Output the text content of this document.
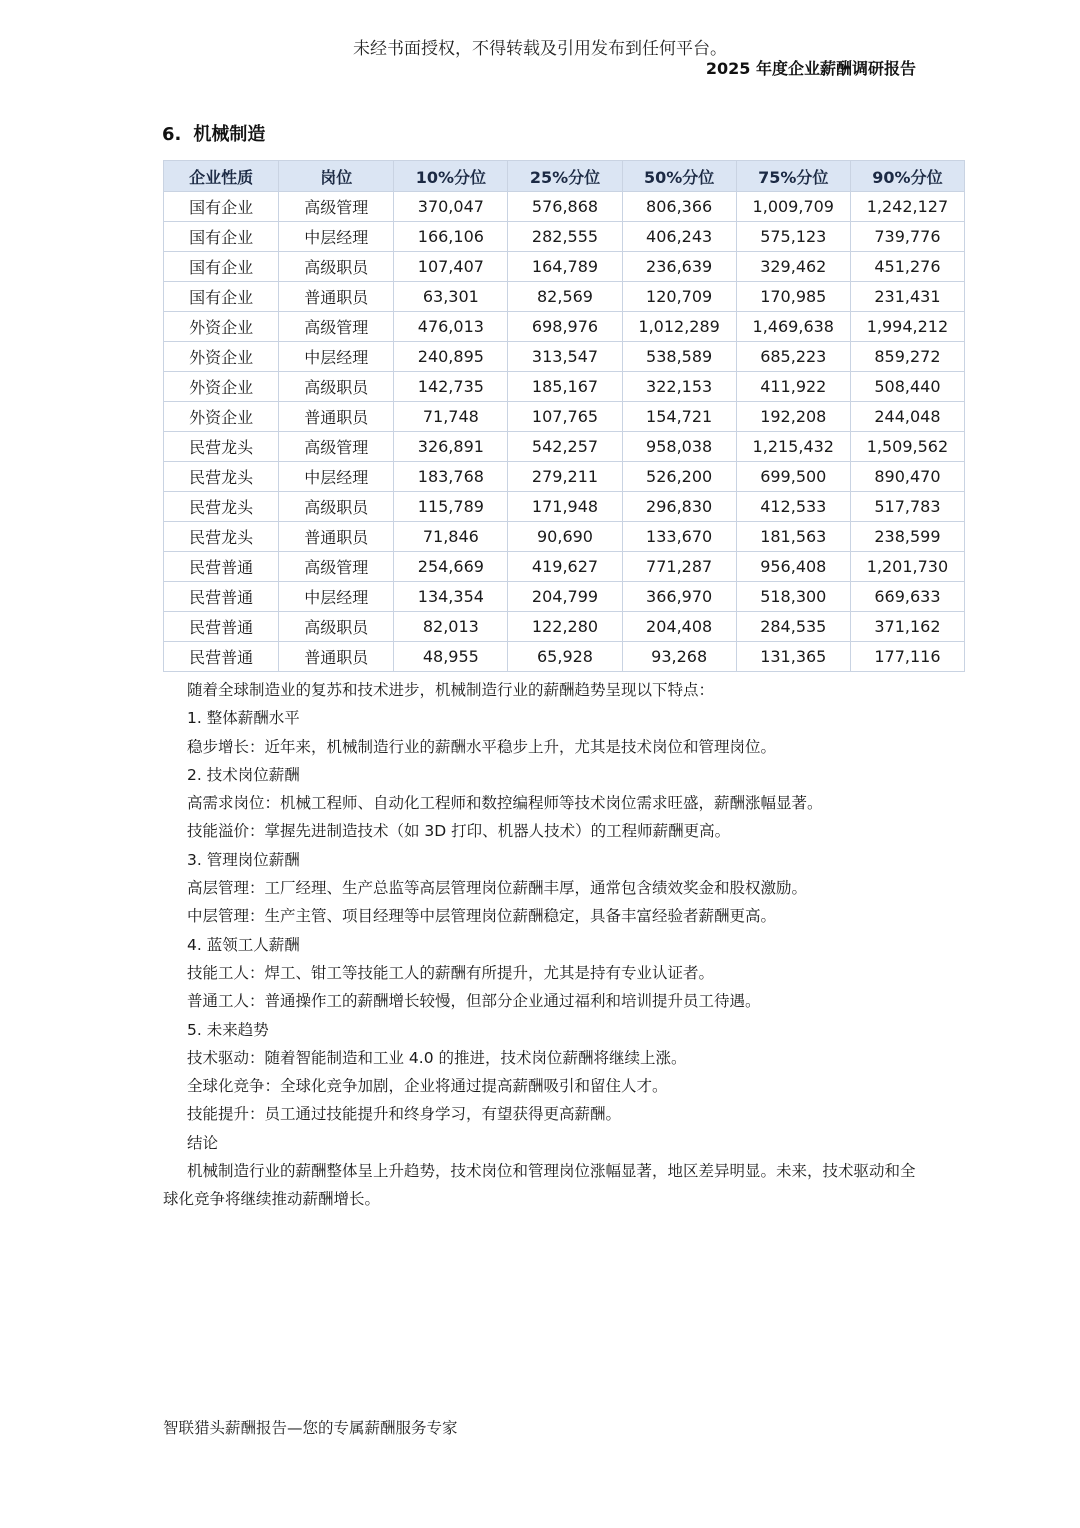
未经书面授权，不得转载及引用发布到任何平台。
2025 年度企业薪酬调研报告
6. 机械制造
企业性质	岗位	10%分位	25%分位	50%分位	75%分位	90%分位
国有企业	高级管理	370,047	576,868	806,366	1,009,709	1,242,127
国有企业	中层经理	166,106	282,555	406,243	575,123	739,776
国有企业	高级职员	107,407	164,789	236,639	329,462	451,276
国有企业	普通职员	63,301	82,569	120,709	170,985	231,431
外资企业	高级管理	476,013	698,976	1,012,289	1,469,638	1,994,212
外资企业	中层经理	240,895	313,547	538,589	685,223	859,272
外资企业	高级职员	142,735	185,167	322,153	411,922	508,440
外资企业	普通职员	71,748	107,765	154,721	192,208	244,048
民营龙头	高级管理	326,891	542,257	958,038	1,215,432	1,509,562
民营龙头	中层经理	183,768	279,211	526,200	699,500	890,470
民营龙头	高级职员	115,789	171,948	296,830	412,533	517,783
民营龙头	普通职员	71,846	90,690	133,670	181,563	238,599
民营普通	高级管理	254,669	419,627	771,287	956,408	1,201,730
民营普通	中层经理	134,354	204,799	366,970	518,300	669,633
民营普通	高级职员	82,013	122,280	204,408	284,535	371,162
民营普通	普通职员	48,955	65,928	93,268	131,365	177,116

随着全球制造业的复苏和技术进步，机械制造行业的薪酬趋势呈现以下特点：

1. 整体薪酬水平

稳步增长：近年来，机械制造行业的薪酬水平稳步上升，尤其是技术岗位和管理岗位。

2. 技术岗位薪酬

高需求岗位：机械工程师、自动化工程师和数控编程师等技术岗位需求旺盛，薪酬涨幅显著。

技能溢价：掌握先进制造技术（如 3D 打印、机器人技术）的工程师薪酬更高。

3. 管理岗位薪酬

高层管理：工厂经理、生产总监等高层管理岗位薪酬丰厚，通常包含绩效奖金和股权激励。

中层管理：生产主管、项目经理等中层管理岗位薪酬稳定，具备丰富经验者薪酬更高。

4. 蓝领工人薪酬

技能工人：焊工、钳工等技能工人的薪酬有所提升，尤其是持有专业认证者。

普通工人：普通操作工的薪酬增长较慢，但部分企业通过福利和培训提升员工待遇。

5. 未来趋势

技术驱动：随着智能制造和工业 4.0 的推进，技术岗位薪酬将继续上涨。

全球化竞争：全球化竞争加剧，企业将通过提高薪酬吸引和留住人才。

技能提升：员工通过技能提升和终身学习，有望获得更高薪酬。

结论

机械制造行业的薪酬整体呈上升趋势，技术岗位和管理岗位涨幅显著，地区差异明显。未来，技术驱动和全球化竞争将继续推动薪酬增长。

智联猎头薪酬报告—您的专属薪酬服务专家
